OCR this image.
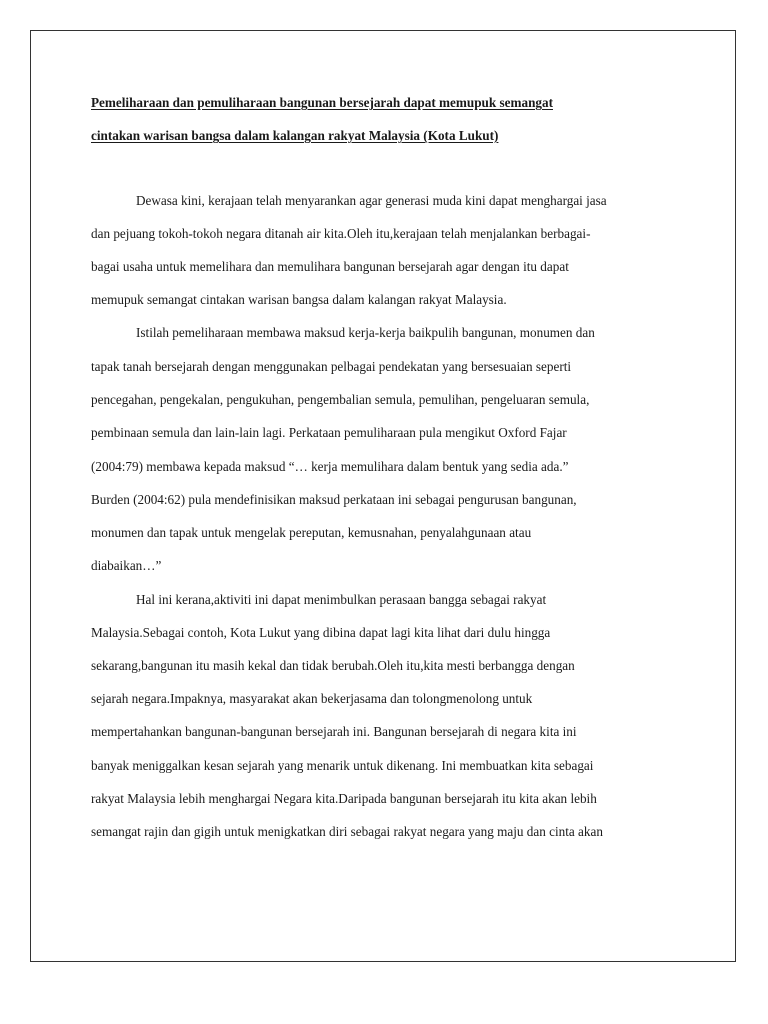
Pemeliharaan dan pemuliharaan bangunan bersejarah dapat memupuk semangat
cintakan warisan bangsa dalam kalangan rakyat Malaysia (Kota Lukut)
Dewasa kini, kerajaan telah menyarankan agar generasi muda kini dapat menghargai jasa
dan pejuang tokoh-tokoh negara ditanah air kita.Oleh itu,kerajaan telah menjalankan berbagai-
bagai usaha untuk memelihara dan memulihara bangunan bersejarah agar dengan itu dapat
memupuk semangat cintakan warisan bangsa dalam kalangan rakyat Malaysia.
Istilah pemeliharaan membawa maksud kerja-kerja baikpulih bangunan, monumen dan
tapak tanah bersejarah dengan menggunakan pelbagai pendekatan yang bersesuaian seperti
pencegahan, pengekalan, pengukuhan, pengembalian semula, pemulihan, pengeluaran semula,
pembinaan semula dan lain-lain lagi. Perkataan pemuliharaan pula mengikut Oxford Fajar
(2004:79) membawa kepada maksud “… kerja memulihara dalam bentuk yang sedia ada.”
Burden (2004:62) pula mendefinisikan maksud perkataan ini sebagai pengurusan bangunan,
monumen dan tapak untuk mengelak pereputan, kemusnahan, penyalahgunaan atau
diabaikan…”
Hal ini kerana,aktiviti ini dapat menimbulkan perasaan bangga sebagai rakyat
Malaysia.Sebagai contoh, Kota Lukut yang dibina dapat lagi kita lihat dari dulu hingga
sekarang,bangunan itu masih kekal dan tidak berubah.Oleh itu,kita mesti berbangga dengan
sejarah negara.Impaknya, masyarakat akan bekerjasama dan tolongmenolong untuk
mempertahankan bangunan-bangunan bersejarah ini. Bangunan bersejarah di negara kita ini
banyak meniggalkan kesan sejarah yang menarik untuk dikenang. Ini membuatkan kita sebagai
rakyat Malaysia lebih menghargai Negara kita.Daripada bangunan bersejarah itu kita akan lebih
semangat rajin dan gigih untuk menigkatkan diri sebagai rakyat negara yang maju dan cinta akan
